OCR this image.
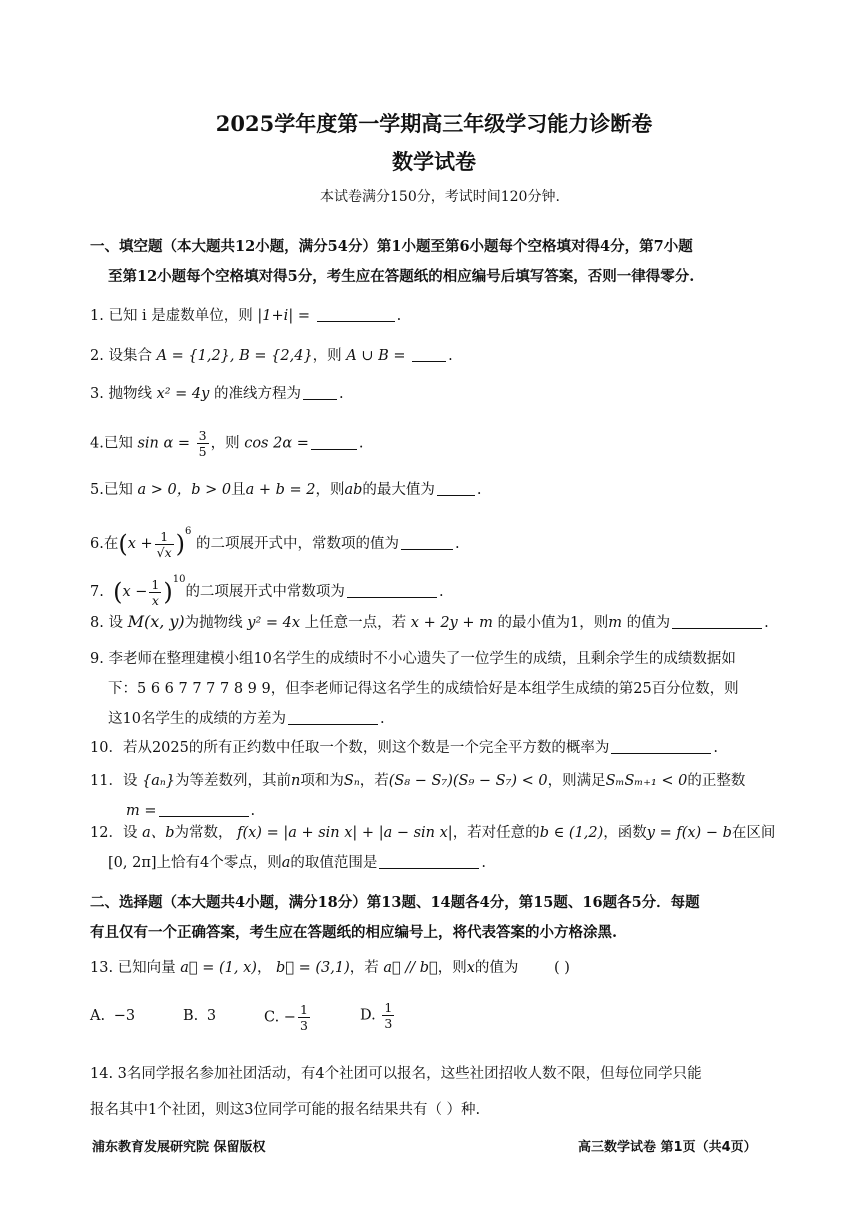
2025学年度第一学期高三年级学习能力诊断卷
数学试卷
本试卷满分150分，考试时间120分钟.
一、填空题（本大题共12小题，满分54分）第1小题至第6小题每个空格填对得4分，第7小题
至第12小题每个空格填对得5分，考生应在答题纸的相应编号后填写答案，否则一律得零分.
1. 已知 i 是虚数单位，则 |1+i| =	.
2. 设集合 A = {1,2}, B = {2,4}，则 A ∪ B =	.
3. 抛物线 x² = 4y 的准线方程为	.
4.已知 $\sin \alpha = \frac{3}{5}$ ，则 cos 2α =	.
5.已知 a > 0，b > 0且a + b = 2，则ab的最大值为	.
6.在$(x + \frac{1}{√x} )^6$ 的二项展开式中，常数项的值为	.
7. $(x - \frac{1}{x} )^{10}$的二项展开式中常数项为	.
8. 设 M(x, y)为抛物线 y² = 4x 上任意一点，若 x + 2y + m 的最小值为1，则m 的值为	.
9. 李老师在整理建模小组10名学生的成绩时不小心遗失了一位学生的成绩，且剩余学生的成绩数据如
下：5 6 6 7 7 7 7 8 9 9，但李老师记得这名学生的成绩恰好是本组学生成绩的第25百分位数，则
这10名学生的成绩的方差为	.
10．若从2025的所有正约数中任取一个数，则这个数是一个完全平方数的概率为	.
11．设 {aₙ}为等差数列，其前n项和为Sₙ，若(S₈ − S₇)(S₉ − S₇) < 0，则满足SₘSₘ₊₁ < 0的正整数
m =	.
12．设 a、b为常数， f(x) = |a + sin x| + |a − sin x|，若对任意的b ∈ (1,2)，函数y = f(x) − b在区间
[0, 2π]上恰有4个零点，则a的取值范围是	.
二、选择题（本大题共4小题，满分18分）第13题、14题各4分，第15题、16题各5分．每题
有且仅有一个正确答案，考生应在答题纸的相应编号上，将代表答案的小方格涂黑.
13. 已知向量 a⃗ = (1, x)， b⃗ = (3,1)，若 a⃗ // b⃗，则x的值为 ( )
A. −3	B. 3	C. − $\frac{1}{3}$	D. $\frac{1}{3}$
14. 3名同学报名参加社团活动，有4个社团可以报名，这些社团招收人数不限，但每位同学只能
报名其中1个社团，则这3位同学可能的报名结果共有（ ）种.
浦东教育发展研究院 保留版权	高三数学试卷 第1页（共4页）
